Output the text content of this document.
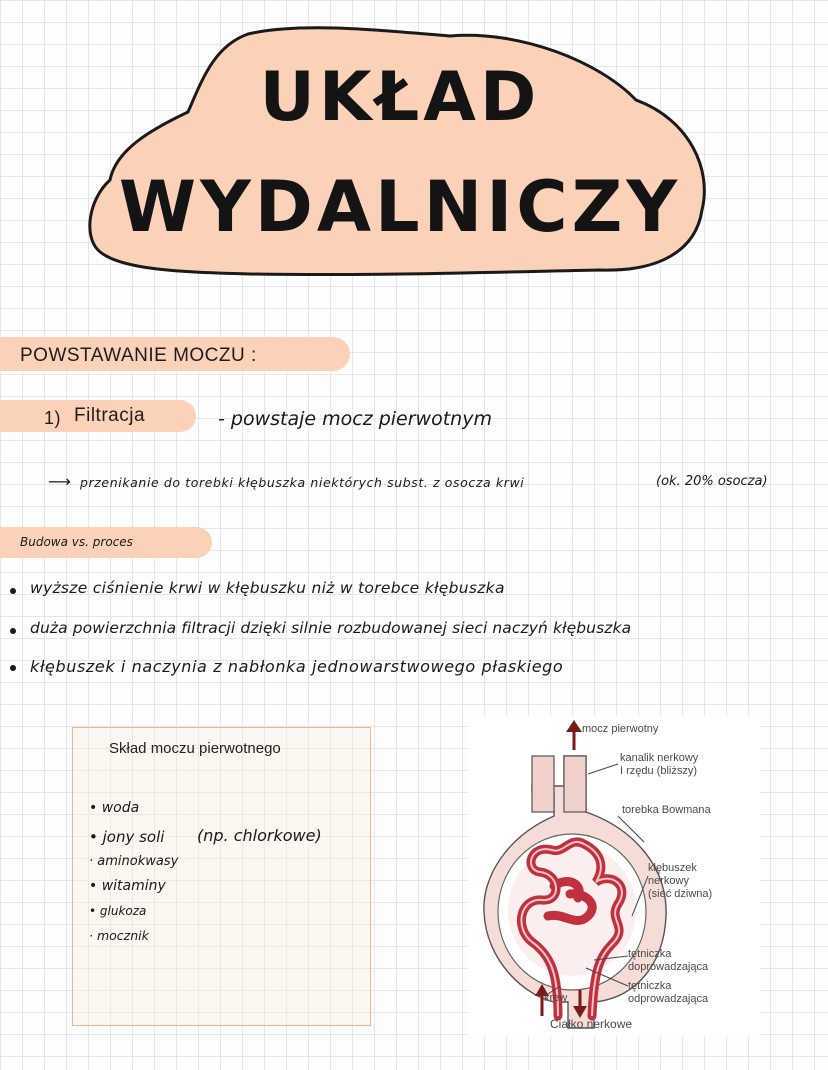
UKŁAD
WYDALNICZY
POWSTAWANIE MOCZU :
1) Filtracja	- powstaje mocz pierwotnym
⟶ przenikanie do torebki kłębuszka niektórych subst. z osocza krwi	(ok. 20% osocza)
Budowa vs. proces
wyższe ciśnienie krwi w kłębuszku niż w torebce kłębuszka
duża powierzchnia filtracji dzięki silnie rozbudowanej sieci naczyń kłębuszka
kłębuszek i naczynia z nabłonka jednowarstwowego płaskiego
Skład moczu pierwotnego
• woda
• jony soli (np. chlorkowe)
· aminokwasy
• witaminy
• glukoza
· mocznik
mocz pierwotny
kanalik nerkowy
I rzędu (bliższy)
torebka Bowmana
kłębuszek
nerkowy
(sieć dziwna)
tętniczka
doprowadzająca
tętniczka
odprowadzająca
krew
Ciałko nerkowe
